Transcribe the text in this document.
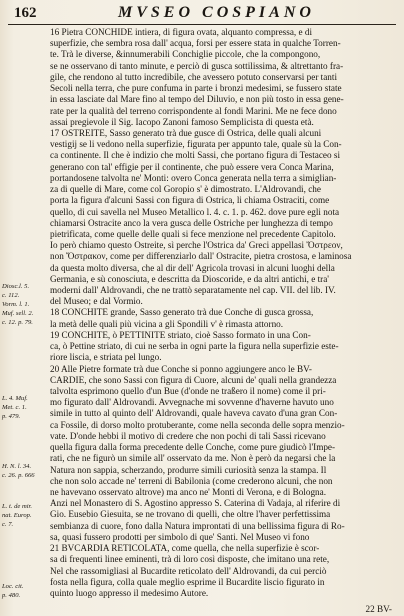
162	MVSEO COSPIANO
Diosc.l. 5.
c. 112.
Vorm. l. 1.
Muf. sell. 2.
c. 12. p. 79.
L. 4. Muf.
Met. c. 1.
p. 479.
H. N. l. 34.
c. 26. p. 666
L. t. de mir.
nat. Europ.
c. 7.
Loc. cit.
p. 480.
16 Pietra CONCHIDE intiera, di figura ovata, alquanto compressa, e di
superfizie, che sembra rosa dall' acqua, forsi per essere stata in qualche Torren-
te. Trà le diverse, &innumerabili Conchiglie piccole, che la compongono,
se ne osservano di tanto minute, e perciò di gusca sottilissima, & altrettanto fra-
gile, che rendono al tutto incredibile, che avessero potuto conservarsi per tanti
Secoli nella terra, che pure confuma in parte i bronzi medesimi, se fussero state
in essa lasciate dal Mare fino al tempo del Diluvio, e non più tosto in essa gene-
rate per la qualità del terreno corrispondente al fondi Marini. Me ne fece dono
assai pregievole il Sig. Iacopo Zanoni famoso Semplicista di questa età.
17 OSTREITE, Sasso generato trà due gusce di Ostrica, delle quali alcuni
vestigij se li vedono nella superfizie, figurata per appunto tale, quale sù la Con-
ca continente. Il che è indizio che molti Sassi, che portano figura di Testaceo si
generano con tal' effigie per il continente, che può essere vera Conca Marina,
portandosene talvolta ne' Monti: overo Conca generata nella terra a simiglian-
za di quelle di Mare, come col Goropio s' è dimostrato. L'Aldrovandi, che
porta la figura d'alcuni Sassi con figura di Ostrica, li chiama Ostraciti, come
quello, di cui savella nel Museo Metallico l. 4. c. 1. p. 462. dove pure egli nota
chiamarsi Ostracite anco la vera gusca delle Ostriche per lunghezza di tempo
pietrificata, come quelle delle quali si fece menzione nel precedente Capitolo.
Io però chiamo questo Ostreite, sì perche l'Ostrica da' Greci appellasi Ὄστρεον,
non Ὄστρακον, come per differenziarlo dall' Ostracite, pietra crostosa, e laminosa
da questa molto diversa, che al dir dell' Agricola trovasi in alcuni luoghi della
Germania, e sù conosciuta, e descritta da Dioscoride, e da altri antichi, e tra'
moderni dall' Aldrovandi, che ne trattò separatamente nel cap. VII. del lib. IV.
del Museo; e dal Vormio.
18 CONCHITE grande, Sasso generato trà due Conche di gusca grossa,
la metà delle quali più vicina a gli Spondili v' è rimasta attorno.
19 CONCHITE, ò PETTINITE striato, cioè Sasso formato in una Con-
ca, ò Pettine striato, di cui ne serba in ogni parte la figura nella superfizie este-
riore liscia, e striata pel lungo.
20 Alle Pietre formate trà due Conche si ponno aggiungere anco le BV-
CARDIE, che sono Sassi con figura di Cuore, alcuni de' quali nella grandezza
talvolta esprimono quello d'un Bue (d'onde ne traßero il nome) come il pri-
mo figurato dall' Aldrovandi. Avvegnache mi sovvenne d'haverne havuto uno
simile in tutto al quinto dell' Aldrovandi, quale haveva cavato d'una gran Con-
ca Fossile, di dorso molto protuberante, come nella seconda delle sopra menzio-
vate. D'onde hebbi il motivo di credere che non pochi di tali Sassi ricevano
quella figura dalla forma precedente delle Conche, come pure giudicò l'Impe-
rati, che ne figurò un simile all' osservato da me. Non è però da negarsi che la
Natura non sappia, scherzando, produrre simili curiosità senza la stampa. Il
che non solo accade ne' terreni di Babilonia (come crederono alcuni, che non
ne havevano osservato altrove) ma anco ne' Monti di Verona, e di Bologna.
Anzi nel Monastero di S. Agostino appresso S. Caterina di Vadaja, al riferire di
Gio. Eusebio Giesuita, se ne trovano di quelli, che oltre l'haver perfettissima
sembianza di cuore, fono dalla Natura improntati di una bellissima figura di Ro-
sa, quasi fussero prodotti per simbolo di que' Santi. Nel Museo vi fono
21 BVCARDIA RETICOLATA, come quella, che nella superfizie è scor-
sa di frequenti linee eminenti, trà di loro così disposte, che imitano una rete,
Nel che rassomigliasi al Bucardite reticolato dell' Aldrovandi, da cui perciò
fosta nella figura, colla quale meglio esprime il Bucardite liscio figurato in
quinto luogo appresso il medesimo Autore.
22 BV-
